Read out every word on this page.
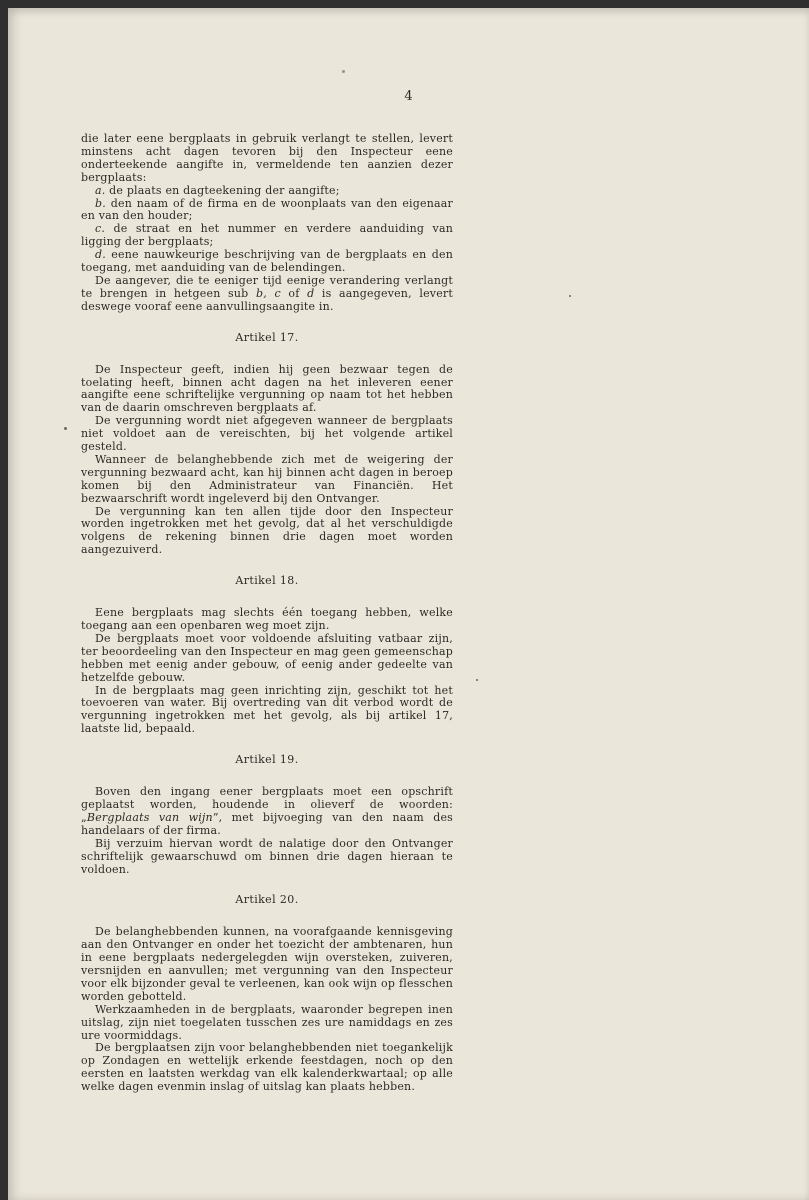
4

die later eene bergplaats in gebruik verlangt te stellen, levert minstens acht dagen tevoren bij den Inspecteur eene onderteekende aangifte in, vermeldende ten aanzien dezer bergplaats:

a. de plaats en dagteekening der aangifte;

b. den naam of de firma en de woonplaats van den eigenaar en van den houder;

c. de straat en het nummer en verdere aanduiding van ligging der bergplaats;

d. eene nauwkeurige beschrijving van de bergplaats en den toegang, met aanduiding van de belendingen.

De aangever, die te eeniger tijd eenige verandering verlangt te brengen in hetgeen sub b, c of d is aangegeven, levert deswege vooraf eene aanvullingsaangite in.

Artikel 17.

De Inspecteur geeft, indien hij geen bezwaar tegen de toelating heeft, binnen acht dagen na het inleveren eener aangifte eene schriftelijke vergunning op naam tot het hebben van de daarin omschreven bergplaats af.

De vergunning wordt niet afgegeven wanneer de bergplaats niet voldoet aan de vereischten, bij het volgende artikel gesteld.

Wanneer de belanghebbende zich met de weigering der vergunning bezwaard acht, kan hij binnen acht dagen in beroep komen bij den Administrateur van Financiën. Het bezwaarschrift wordt ingeleverd bij den Ontvanger.

De vergunning kan ten allen tijde door den Inspecteur worden ingetrokken met het gevolg, dat al het verschuldigde volgens de rekening binnen drie dagen moet worden aangezuiverd.

Artikel 18.

Eene bergplaats mag slechts één toegang hebben, welke toegang aan een openbaren weg moet zijn.

De bergplaats moet voor voldoende afsluiting vatbaar zijn, ter beoordeeling van den Inspecteur en mag geen gemeenschap hebben met eenig ander gebouw, of eenig ander gedeelte van hetzelfde gebouw.

In de bergplaats mag geen inrichting zijn, geschikt tot het toevoeren van water. Bij overtreding van dit verbod wordt de vergunning ingetrokken met het gevolg, als bij artikel 17, laatste lid, bepaald.

Artikel 19.

Boven den ingang eener bergplaats moet een opschrift geplaatst worden, houdende in olieverf de woorden: „Bergplaats van wijn”, met bijvoeging van den naam des handelaars of der firma.

Bij verzuim hiervan wordt de nalatige door den Ontvanger schriftelijk gewaarschuwd om binnen drie dagen hieraan te voldoen.

Artikel 20.

De belanghebbenden kunnen, na voorafgaande kennisgeving aan den Ontvanger en onder het toezicht der ambtenaren, hun in eene bergplaats nedergelegden wijn oversteken, zuiveren, versnijden en aanvullen; met vergunning van den Inspecteur voor elk bijzonder geval te verleenen, kan ook wijn op flesschen worden gebotteld.

Werkzaamheden in de bergplaats, waaronder begrepen inen uitslag, zijn niet toegelaten tusschen zes ure namiddags en zes ure voormiddags.

De bergplaatsen zijn voor belanghebbenden niet toegankelijk op Zondagen en wettelijk erkende feestdagen, noch op den eersten en laatsten werkdag van elk kalenderkwartaal; op alle welke dagen evenmin inslag of uitslag kan plaats hebben.
